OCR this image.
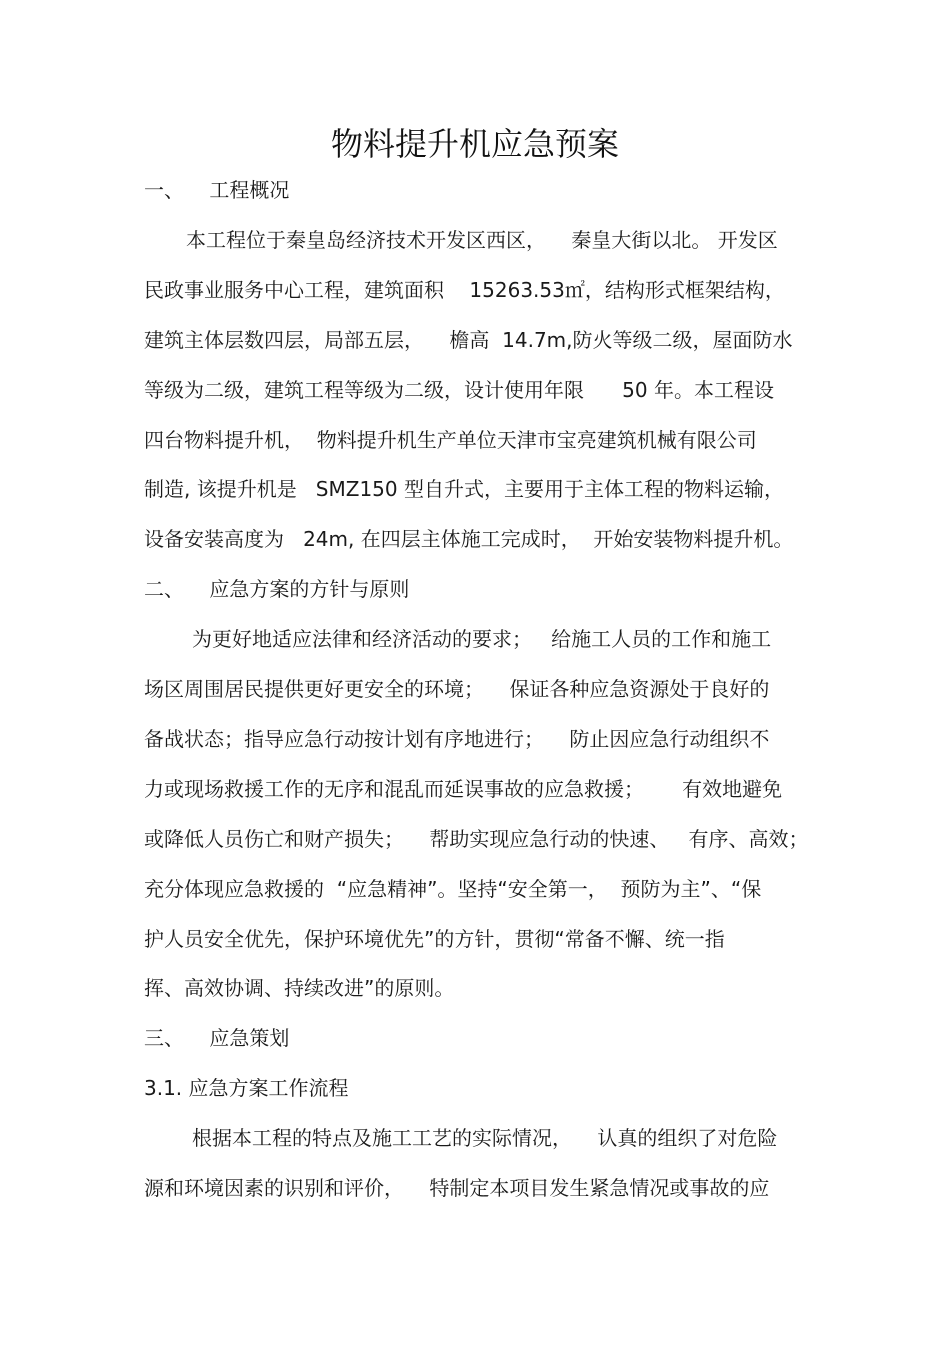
物料提升机应急预案
一、    工程概况
本工程位于秦皇岛经济技术开发区西区，    秦皇大街以北。 开发区
民政事业服务中心工程，建筑面积    15263.53㎡，结构形式框架结构，
建筑主体层数四层，局部五层，    檐高  14.7m,防火等级二级，屋面防水
等级为二级，建筑工程等级为二级，设计使用年限      50 年。本工程设
四台物料提升机，  物料提升机生产单位天津市宝亮建筑机械有限公司
制造, 该提升机是   SMZ150 型自升式，主要用于主体工程的物料运输，
设备安装高度为   24m, 在四层主体施工完成时，  开始安装物料提升机。
二、    应急方案的方针与原则
为更好地适应法律和经济活动的要求；   给施工人员的工作和施工
场区周围居民提供更好更安全的环境；    保证各种应急资源处于良好的
备战状态；指导应急行动按计划有序地进行；    防止因应急行动组织不
力或现场救援工作的无序和混乱而延误事故的应急救援；      有效地避免
或降低人员伤亡和财产损失；    帮助实现应急行动的快速、   有序、高效；
充分体现应急救援的  “应急精神”。坚持“安全第一，  预防为主”、“保
护人员安全优先，保护环境优先”的方针，贯彻“常备不懈、统一指
挥、高效协调、持续改进”的原则。
三、    应急策划
3.1. 应急方案工作流程
根据本工程的特点及施工工艺的实际情况，    认真的组织了对危险
源和环境因素的识别和评价，    特制定本项目发生紧急情况或事故的应
